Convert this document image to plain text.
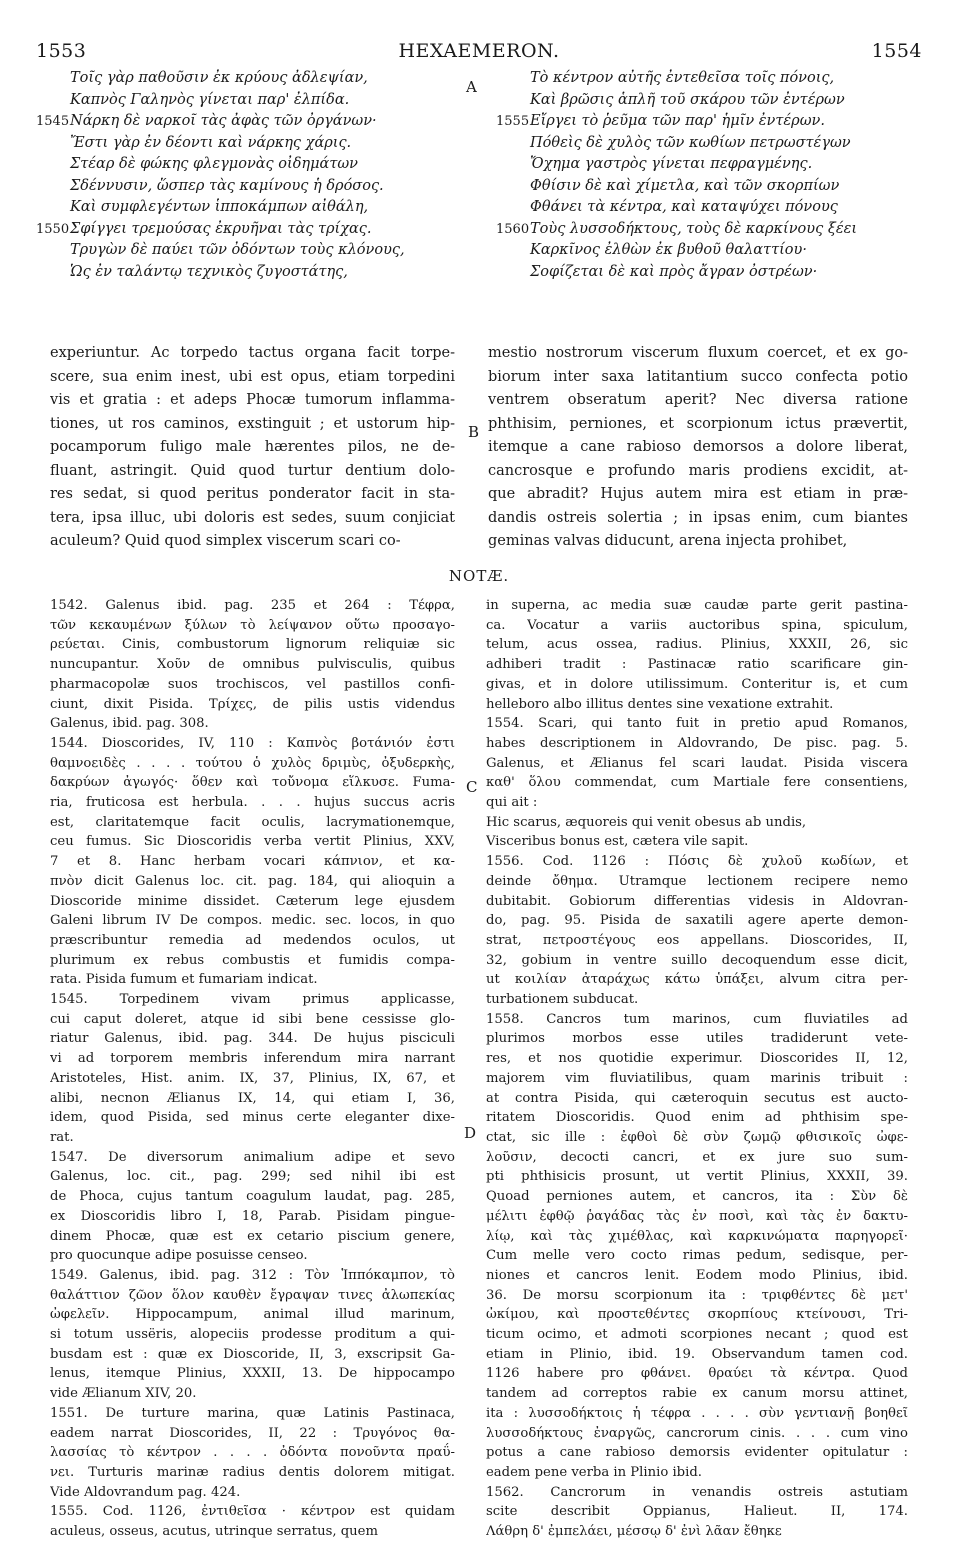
1553	HEXAEMERON.	1554
A
B
C
D
Τοῖς γὰρ παθοῦσιν ἐκ κρύους ἀδλεψίαν,
Καπνὸς Γαληνὸς γίνεται παρ' ἐλπίδα.
1545 Νάρκη δὲ ναρκοῖ τὰς ἀφὰς τῶν ὀργάνων·
Ἔστι γὰρ ἐν δέοντι καὶ νάρκης χάρις.
Στέαρ δὲ φώκης φλεγμονὰς οἰδημάτων
Σδέννυσιν, ὥσπερ τὰς καμίνους ἡ δρόσος.
Καὶ συμφλεγέντων ἱπποκάμπων αἰθάλη,
1550 Σφίγγει τρεμούσας ἐκρυῆναι τὰς τρίχας.
Τρυγὼν δὲ παύει τῶν ὀδόντων τοὺς κλόνους,
Ὡς ἐν ταλάντῳ τεχνικὸς ζυγοστάτης,
Τὸ κέντρον αὐτῆς ἐντεθεῖσα τοῖς πόνοις,
Καὶ βρῶσις ἁπλῆ τοῦ σκάρου τῶν ἐντέρων
1555 Εἴργει τὸ ῥεῦμα τῶν παρ' ἡμῖν ἐντέρων.
Πόθεὶς δὲ χυλὸς τῶν κωθίων πετρωστέγων
Ὄχημα γαστρὸς γίνεται πεφραγμένης.
Φθίσιν δὲ καὶ χίμετλα, καὶ τῶν σκορπίων
Φθάνει τὰ κέντρα, καὶ καταψύχει πόνους
1560 Τοὺς λυσσοδήκτους, τοὺς δὲ καρκίνους ξέει
Καρκῖνος ἐλθὼν ἐκ βυθοῦ θαλαττίου·
Σοφίζεται δὲ καὶ πρὸς ἄγραν ὀστρέων·
experiuntur. Ac torpedo tactus organa facit torpe-
scere, sua enim inest, ubi est opus, etiam torpedini
vis et gratia : et adeps Phocæ tumorum inflamma-
tiones, ut ros caminos, exstinguit ; et ustorum hip-
pocamporum fuligo male hærentes pilos, ne de-
fluant, astringit. Quid quod turtur dentium dolo-
res sedat, si quod peritus ponderator facit in sta-
tera, ipsa illuc, ubi doloris est sedes, suum conjiciat
aculeum? Quid quod simplex viscerum scari co-
mestio nostrorum viscerum fluxum coercet, et ex go-
biorum inter saxa latitantium succo confecta potio
ventrem obseratum aperit? Nec diversa ratione
phthisim, perniones, et scorpionum ictus prævertit,
itemque a cane rabioso demorsos a dolore liberat,
cancrosque e profundo maris prodiens excidit, at-
que abradit? Hujus autem mira est etiam in præ-
dandis ostreis solertia ; in ipsas enim, cum biantes
geminas valvas diducunt, arena injecta prohibet,
NOTÆ.
1542. Galenus ibid. pag. 235 et 264 : Τέφρα,
τῶν κεκαυμένων ξύλων τὸ λείψανον οὕτω προσαγο-
ρεύεται. Cinis, combustorum lignorum reliquiæ sic
nuncupantur. Χοῦν de omnibus pulvisculis, quibus
pharmacopolæ suos trochiscos, vel pastillos confi-
ciunt, dixit Pisida. Τρίχες, de pilis ustis videndus
Galenus, ibid. pag. 308.
1544. Dioscorides, IV, 110 : Καπνὸς βοτάνιόν ἐστι
θαμνοειδὲς . . . . τούτου ὁ χυλὸς δριμὺς, ὀξυδερκὴς,
δακρύων ἀγωγός· ὅθεν καὶ τοὔνομα εἵλκυσε. Fuma-
ria, fruticosa est herbula. . . . hujus succus acris
est, claritatemque facit oculis, lacrymationemque,
ceu fumus. Sic Dioscoridis verba vertit Plinius, XXV,
7 et 8. Hanc herbam vocari κάπνιον, et κα-
πνὸν dicit Galenus loc. cit. pag. 184, qui alioquin a
Dioscoride minime dissidet. Cæterum lege ejusdem
Galeni librum IV De compos. medic. sec. locos, in quo
præscribuntur remedia ad medendos oculos, ut
plurimum ex rebus combustis et fumidis compa-
rata. Pisida fumum et fumariam indicat.
1545. Torpedinem vivam primus applicasse,
cui caput doleret, atque id sibi bene cessisse glo-
riatur Galenus, ibid. pag. 344. De hujus pisciculi
vi ad torporem membris inferendum mira narrant
Aristoteles, Hist. anim. IX, 37, Plinius, IX, 67, et
alibi, necnon Ælianus IX, 14, qui etiam I, 36,
idem, quod Pisida, sed minus certe eleganter dixe-
rat.
1547. De diversorum animalium adipe et sevo
Galenus, loc. cit., pag. 299; sed nihil ibi est
de Phoca, cujus tantum coagulum laudat, pag. 285,
ex Dioscoridis libro I, 18, Parab. Pisidam pingue-
dinem Phocæ, quæ est ex cetario piscium genere,
pro quocunque adipe posuisse censeo.
1549. Galenus, ibid. pag. 312 : Τὸν Ἱππόκαμπον, τὸ
θαλάττιον ζῶον ὅλον καυθὲν ἔγραψαν τινες ἀλωπεκίας
ὠφελεῖν. Hippocampum, animal illud marinum,
si totum ussëris, alopeciis prodesse proditum a qui-
busdam est : quæ ex Dioscoride, II, 3, exscripsit Ga-
lenus, itemque Plinius, XXXII, 13. De hippocampo
vide Ælianum XIV, 20.
1551. De turture marina, quæ Latinis Pastinaca,
eadem narrat Dioscorides, II, 22 : Τρυγόνος θα-
λασσίας τὸ κέντρον . . . . ὀδόντα πονοῦντα πραΰ-
νει. Turturis marinæ radius dentis dolorem mitigat.
Vide Aldovrandum pag. 424.
1555. Cod. 1126, ἐντιθεῖσα · κέντρον est quidam
aculeus, osseus, acutus, utrinque serratus, quem
in superna, ac media suæ caudæ parte gerit pastina-
ca. Vocatur a variis auctoribus spina, spiculum,
telum, acus ossea, radius. Plinius, XXXII, 26, sic
adhiberi tradit : Pastinacæ ratio scarificare gin-
givas, et in dolore utilissimum. Conteritur is, et cum
helleboro albo illitus dentes sine vexatione extrahit.
1554. Scari, qui tanto fuit in pretio apud Romanos,
habes descriptionem in Aldovrando, De pisc. pag. 5.
Galenus, et Ælianus fel scari laudat. Pisida viscera
καθ' ὅλου commendat, cum Martiale fere consentiens,
qui ait :
Hic scarus, æquoreis qui venit obesus ab undis,
Visceribus bonus est, cætera vile sapit.
1556. Cod. 1126 : Πόσις δὲ χυλοῦ κωδίων, et
deinde ὄθημα. Utramque lectionem recipere nemo
dubitabit. Gobiorum differentias videsis in Aldovran-
do, pag. 95. Pisida de saxatili agere aperte demon-
strat, πετροστέγους eos appellans. Dioscorides, II,
32, gobium in ventre suillo decoquendum esse dicit,
ut κοιλίαν ἀταράχως κάτω ὑπάξει, alvum citra per-
turbationem subducat.
1558. Cancros tum marinos, cum fluviatiles ad
plurimos morbos esse utiles tradiderunt vete-
res, et nos quotidie experimur. Dioscorides II, 12,
majorem vim fluviatilibus, quam marinis tribuit :
at contra Pisida, qui cæteroquin secutus est aucto-
ritatem Dioscoridis. Quod enim ad phthisim spe-
ctat, sic ille : ἐφθοὶ δὲ σὺν ζωμῷ φθισικοῖς ὠφε-
λοῦσιν, decocti cancri, et ex jure suo sum-
pti phthisicis prosunt, ut vertit Plinius, XXXII, 39.
Quoad perniones autem, et cancros, ita : Σὺν δὲ
μέλιτι ἑφθῷ ῥαγάδας τὰς ἐν ποσὶ, καὶ τὰς ἐν δακτυ-
λίῳ, καὶ τὰς χιμέθλας, καὶ καρκινώματα παρηγορεῖ·
Cum melle vero cocto rimas pedum, sedisque, per-
niones et cancros lenit. Eodem modo Plinius, ibid.
36. De morsu scorpionum ita : τριφθέντες δὲ μετ'
ὠκίμου, καὶ προστεθέντες σκορπίους κτείνουσι, Tri-
ticum ocimo, et admoti scorpiones necant ; quod est
etiam in Plinio, ibid. 19. Observandum tamen cod.
1126 habere pro φθάνει. θραύει τὰ κέντρα. Quod
tandem ad correptos rabie ex canum morsu attinet,
ita : λυσσοδήκτοις ἡ τέφρα . . . . σὺν γεντιανῇ βοηθεῖ
λυσσοδήκτους ἐναργῶς, cancrorum cinis. . . . cum vino
potus a cane rabioso demorsis evidenter opitulatur :
eadem pene verba in Plinio ibid.
1562. Cancrorum in venandis ostreis astutiam
scite describit Oppianus, Halieut. II, 174.
Λάθρη δ' ἐμπελάει, μέσσῳ δ' ἐνὶ λᾶαν ἔθηκε
